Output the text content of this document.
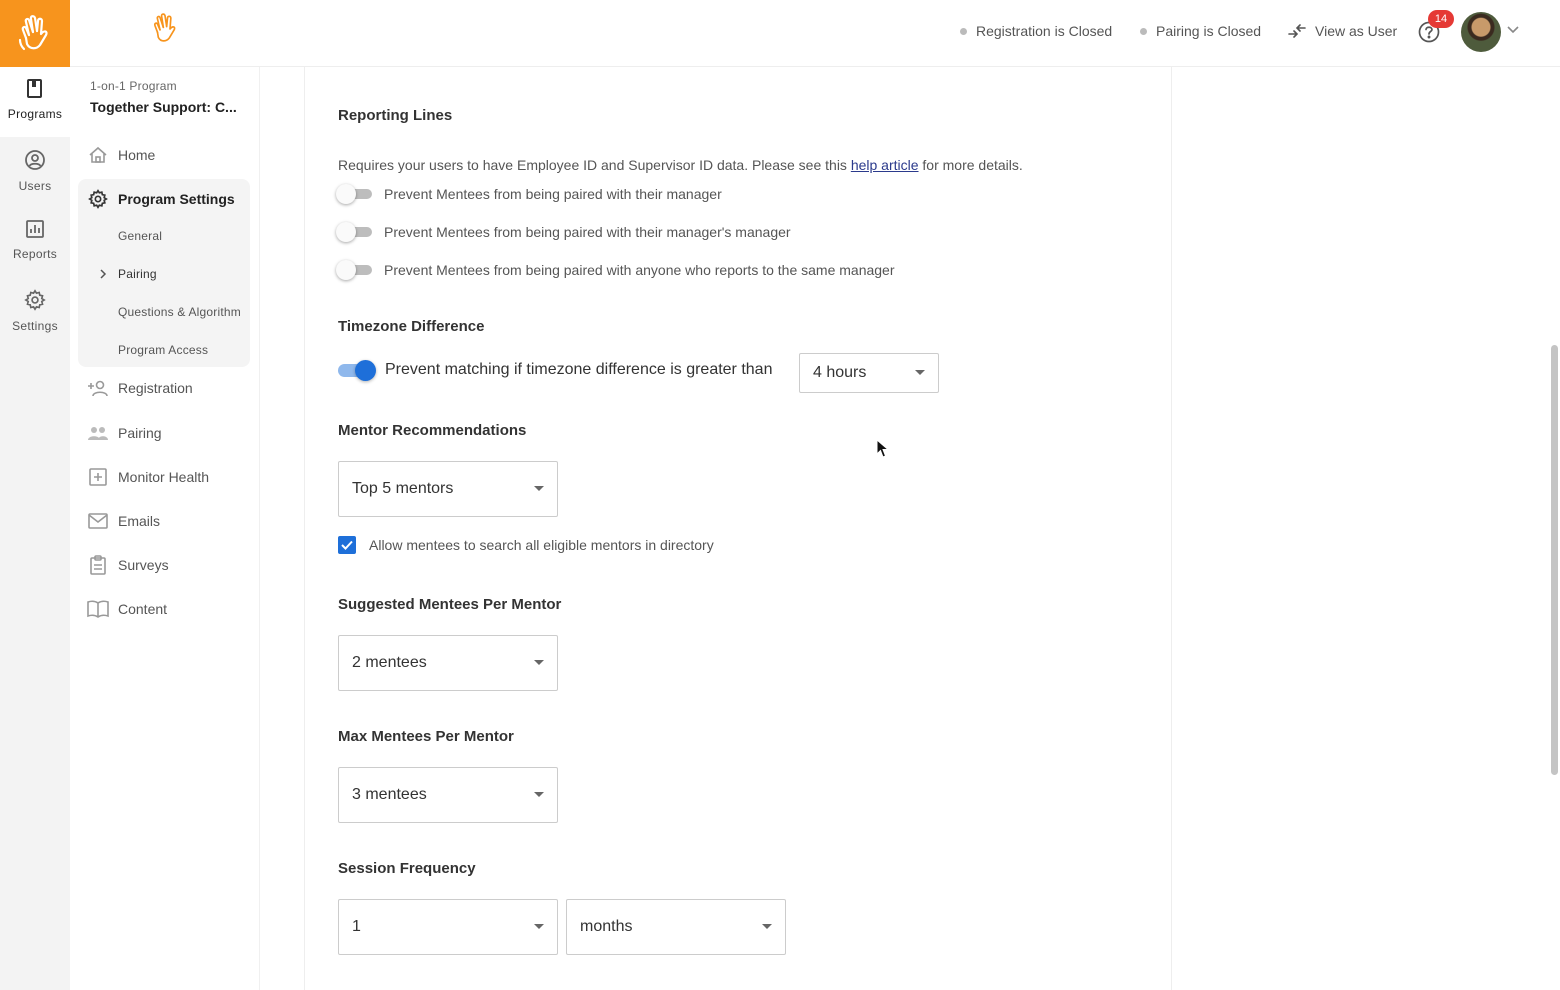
Programs
Users
Reports
Settings
Registration is Closed	Pairing is Closed	View as User
14
1-on-1 Program
Together Support: C...
Home
Program Settings
General
Pairing
Questions & Algorithm
Program Access
Registration
Pairing
Monitor Health
Emails
Surveys
Content
Reporting Lines
Requires your users to have Employee ID and Supervisor ID data. Please see this help article for more details.
Prevent Mentees from being paired with their manager
Prevent Mentees from being paired with their manager's manager
Prevent Mentees from being paired with anyone who reports to the same manager
Timezone Difference
Prevent matching if timezone difference is greater than	4 hours
Mentor Recommendations
Top 5 mentors
Allow mentees to search all eligible mentors in directory
Suggested Mentees Per Mentor
2 mentees
Max Mentees Per Mentor
3 mentees
Session Frequency
1	months
